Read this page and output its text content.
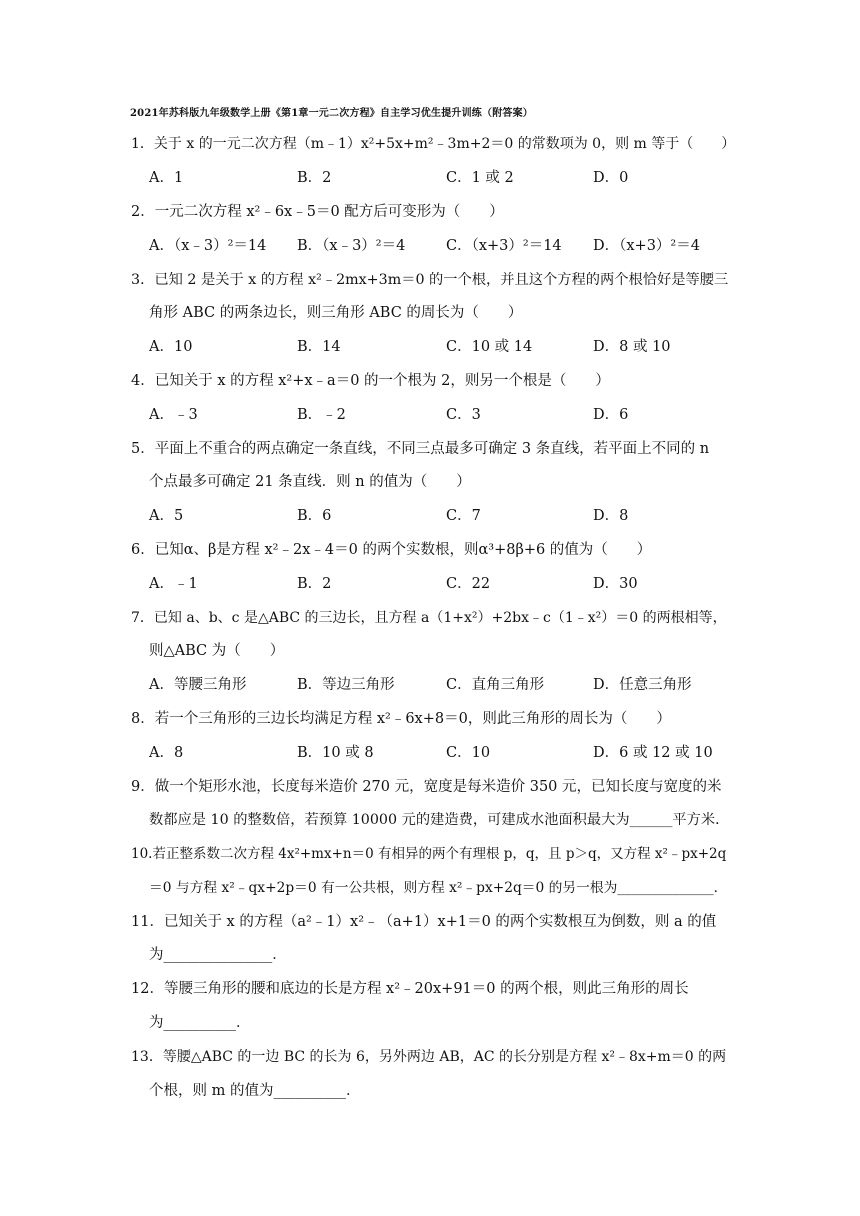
2021年苏科版九年级数学上册《第1章一元二次方程》自主学习优生提升训练（附答案）
1．关于 x 的一元二次方程（m﹣1）x²+5x+m²﹣3m+2＝0 的常数项为 0，则 m 等于（　　）
A．1	B．2	C．1 或 2	D．0
2．一元二次方程 x²﹣6x﹣5＝0 配方后可变形为（　　）
A．（x﹣3）²＝14 B．（x﹣3）²＝4	C．（x+3）²＝14 D．（x+3）²＝4
3．已知 2 是关于 x 的方程 x²﹣2mx+3m＝0 的一个根，并且这个方程的两个根恰好是等腰三
角形 ABC 的两条边长，则三角形 ABC 的周长为（　　）
A．10	B．14	C．10 或 14	D．8 或 10
4．已知关于 x 的方程 x²+x﹣a＝0 的一个根为 2，则另一个根是（　　）
A．﹣3	B．﹣2	C．3	D．6
5．平面上不重合的两点确定一条直线，不同三点最多可确定 3 条直线，若平面上不同的 n
个点最多可确定 21 条直线．则 n 的值为（　　）
A．5	B．6	C．7	D．8
6．已知α、β是方程 x²﹣2x﹣4＝0 的两个实数根，则α³+8β+6 的值为（　　）
A．﹣1	B．2	C．22	D．30
7．已知 a、b、c 是△ABC 的三边长，且方程 a（1+x²）+2bx﹣c（1﹣x²）＝0 的两根相等，
则△ABC 为（　　）
A．等腰三角形	B．等边三角形	C．直角三角形	D．任意三角形
8．若一个三角形的三边长均满足方程 x²﹣6x+8＝0，则此三角形的周长为（　　）
A．8	B．10 或 8	C．10	D．6 或 12 或 10
9．做一个矩形水池，长度每米造价 270 元，宽度是每米造价 350 元，已知长度与宽度的米
数都应是 10 的整数倍，若预算 10000 元的建造费，可建成水池面积最大为______平方米．
10.若正整系数二次方程 4x²+mx+n＝0 有相异的两个有理根 p，q，且 p＞q，又方程 x²﹣px+2q
＝0 与方程 x²﹣qx+2p＝0 有一公共根，则方程 x²﹣px+2q＝0 的另一根为______________．
11．已知关于 x 的方程（a²﹣1）x²﹣（a+1）x+1＝0 的两个实数根互为倒数，则 a 的值
为_______________．
12．等腰三角形的腰和底边的长是方程 x²﹣20x+91＝0 的两个根，则此三角形的周长
为__________．
13．等腰△ABC 的一边 BC 的长为 6，另外两边 AB，AC 的长分别是方程 x²﹣8x+m＝0 的两
个根，则 m 的值为__________．
